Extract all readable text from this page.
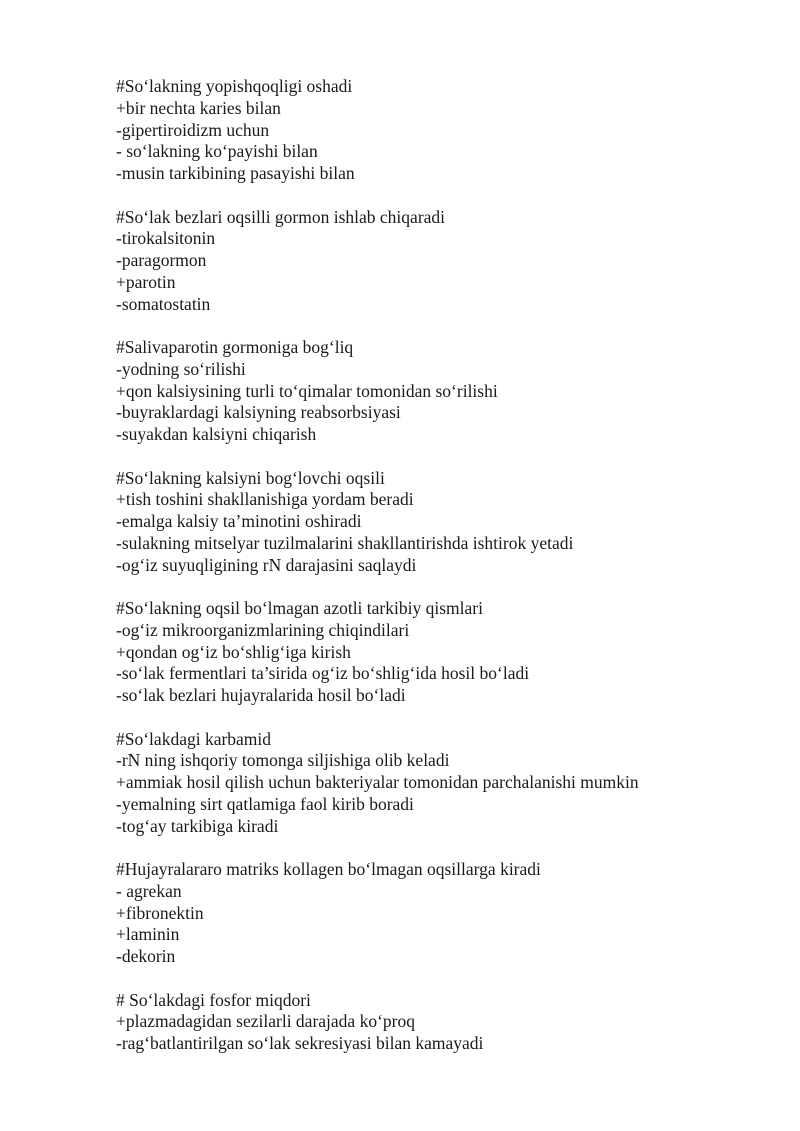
#So‘lakning yopishqoqligi oshadi
+bir nechta karies bilan
-gipertiroidizm uchun
- so‘lakning ko‘payishi bilan
-musin tarkibining pasayishi bilan
#So‘lak bezlari oqsilli gormon ishlab chiqaradi
-tirokalsitonin
-paragormon
+parotin
-somatostatin
#Salivaparotin gormoniga bog‘liq
-yodning so‘rilishi
+qon kalsiysining turli to‘qimalar tomonidan so‘rilishi
-buyraklardagi kalsiyning reabsorbsiyasi
-suyakdan kalsiyni chiqarish
#So‘lakning kalsiyni bog‘lovchi oqsili
+tish toshini shakllanishiga yordam beradi
-emalga kalsiy ta’minotini oshiradi
-sulakning mitselyar tuzilmalarini shakllantirishda ishtirok yetadi
-og‘iz suyuqligining rN darajasini saqlaydi
#So‘lakning oqsil bo‘lmagan azotli tarkibiy qismlari
-og‘iz mikroorganizmlarining chiqindilari
+qondan og‘iz bo‘shlig‘iga kirish
-so‘lak fermentlari ta’sirida og‘iz bo‘shlig‘ida hosil bo‘ladi
-so‘lak bezlari hujayralarida hosil bo‘ladi
#So‘lakdagi karbamid
-rN ning ishqoriy tomonga siljishiga olib keladi
+ammiak hosil qilish uchun bakteriyalar tomonidan parchalanishi mumkin
-yemalning sirt qatlamiga faol kirib boradi
-tog‘ay tarkibiga kiradi
#Hujayralararo matriks kollagen bo‘lmagan oqsillarga kiradi
- agrekan
+fibronektin
+laminin
-dekorin
# So‘lakdagi fosfor miqdori
+plazmadagidan sezilarli darajada ko‘proq
-rag‘batlantirilgan so‘lak sekresiyasi bilan kamayadi
